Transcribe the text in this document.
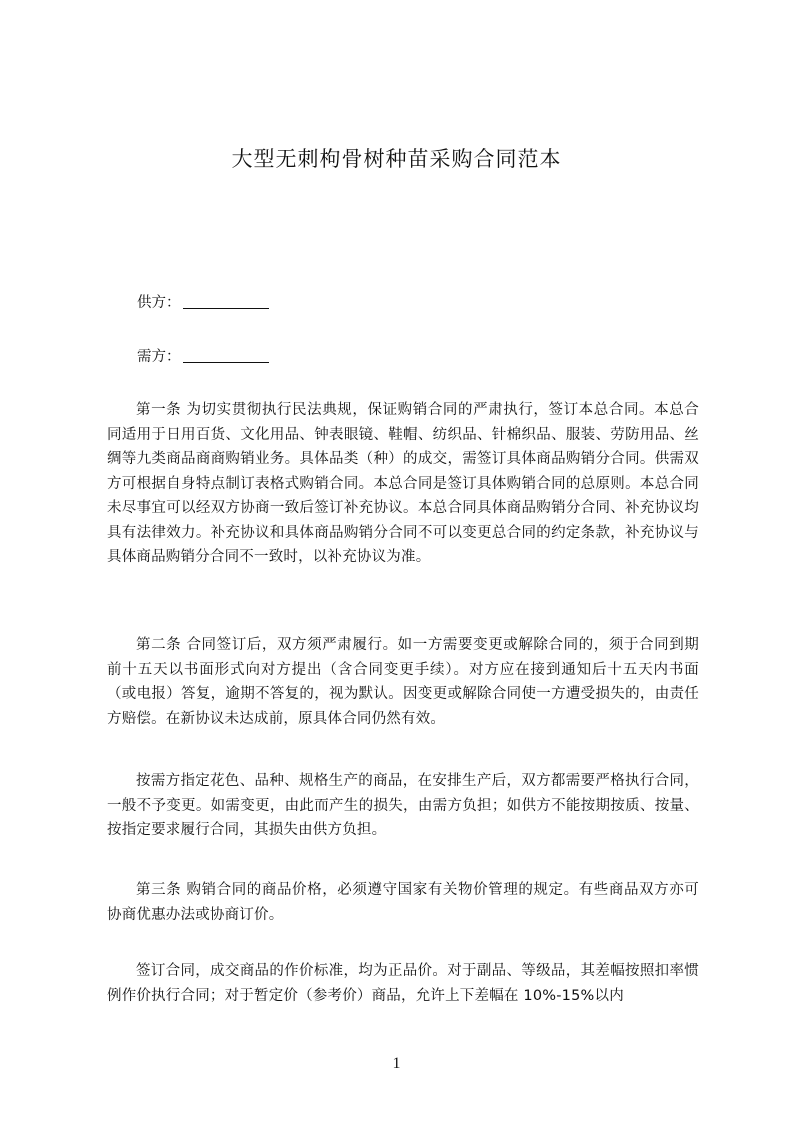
大型无刺枸骨树种苗采购合同范本
供方：
需方：
第一条 为切实贯彻执行民法典规，保证购销合同的严肃执行，签订本总合同。本总合同适用于日用百货、文化用品、钟表眼镜、鞋帽、纺织品、针棉织品、服装、劳防用品、丝绸等九类商品商商购销业务。具体品类（种）的成交，需签订具体商品购销分合同。供需双方可根据自身特点制订表格式购销合同。本总合同是签订具体购销合同的总原则。本总合同未尽事宜可以经双方协商一致后签订补充协议。本总合同具体商品购销分合同、补充协议均具有法律效力。补充协议和具体商品购销分合同不可以变更总合同的约定条款，补充协议与具体商品购销分合同不一致时，以补充协议为准。
第二条 合同签订后，双方须严肃履行。如一方需要变更或解除合同的，须于合同到期前十五天以书面形式向对方提出（含合同变更手续）。对方应在接到通知后十五天内书面（或电报）答复，逾期不答复的，视为默认。因变更或解除合同使一方遭受损失的，由责任方赔偿。在新协议未达成前，原具体合同仍然有效。
按需方指定花色、品种、规格生产的商品，在安排生产后，双方都需要严格执行合同，一般不予变更。如需变更，由此而产生的损失，由需方负担；如供方不能按期按质、按量、按指定要求履行合同，其损失由供方负担。
第三条 购销合同的商品价格，必须遵守国家有关物价管理的规定。有些商品双方亦可协商优惠办法或协商订价。
签订合同，成交商品的作价标准，均为正品价。对于副品、等级品，其差幅按照扣率惯例作价执行合同；对于暂定价（参考价）商品，允许上下差幅在 10%-15%以内
1
